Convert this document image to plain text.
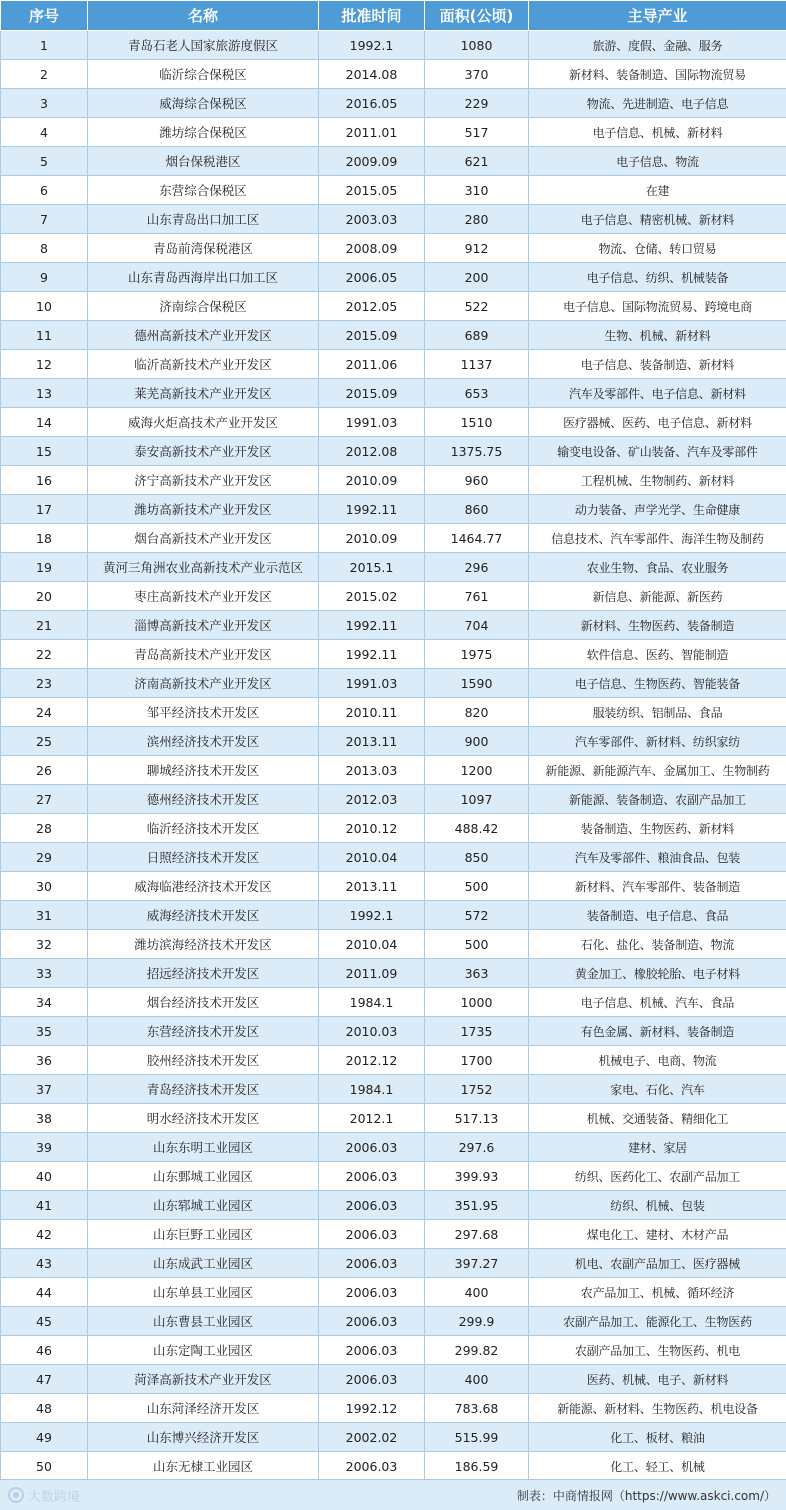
序号	名称	批准时间	面积(公顷)	主导产业
1	青岛石老人国家旅游度假区	1992.1	1080	旅游、度假、金融、服务
2	临沂综合保税区	2014.08	370	新材料、装备制造、国际物流贸易
3	威海综合保税区	2016.05	229	物流、先进制造、电子信息
4	潍坊综合保税区	2011.01	517	电子信息、机械、新材料
5	烟台保税港区	2009.09	621	电子信息、物流
6	东营综合保税区	2015.05	310	在建
7	山东青岛出口加工区	2003.03	280	电子信息、精密机械、新材料
8	青岛前湾保税港区	2008.09	912	物流、仓储、转口贸易
9	山东青岛西海岸出口加工区	2006.05	200	电子信息、纺织、机械装备
10	济南综合保税区	2012.05	522	电子信息、国际物流贸易、跨境电商
11	德州高新技术产业开发区	2015.09	689	生物、机械、新材料
12	临沂高新技术产业开发区	2011.06	1137	电子信息、装备制造、新材料
13	莱芜高新技术产业开发区	2015.09	653	汽车及零部件、电子信息、新材料
14	威海火炬高技术产业开发区	1991.03	1510	医疗器械、医药、电子信息、新材料
15	泰安高新技术产业开发区	2012.08	1375.75	输变电设备、矿山装备、汽车及零部件
16	济宁高新技术产业开发区	2010.09	960	工程机械、生物制药、新材料
17	潍坊高新技术产业开发区	1992.11	860	动力装备、声学光学、生命健康
18	烟台高新技术产业开发区	2010.09	1464.77	信息技术、汽车零部件、海洋生物及制药
19	黄河三角洲农业高新技术产业示范区	2015.1	296	农业生物、食品、农业服务
20	枣庄高新技术产业开发区	2015.02	761	新信息、新能源、新医药
21	淄博高新技术产业开发区	1992.11	704	新材料、生物医药、装备制造
22	青岛高新技术产业开发区	1992.11	1975	软件信息、医药、智能制造
23	济南高新技术产业开发区	1991.03	1590	电子信息、生物医药、智能装备
24	邹平经济技术开发区	2010.11	820	服装纺织、铝制品、食品
25	滨州经济技术开发区	2013.11	900	汽车零部件、新材料、纺织家纺
26	聊城经济技术开发区	2013.03	1200	新能源、新能源汽车、金属加工、生物制药
27	德州经济技术开发区	2012.03	1097	新能源、装备制造、农副产品加工
28	临沂经济技术开发区	2010.12	488.42	装备制造、生物医药、新材料
29	日照经济技术开发区	2010.04	850	汽车及零部件、粮油食品、包装
30	威海临港经济技术开发区	2013.11	500	新材料、汽车零部件、装备制造
31	威海经济技术开发区	1992.1	572	装备制造、电子信息、食品
32	潍坊滨海经济技术开发区	2010.04	500	石化、盐化、装备制造、物流
33	招远经济技术开发区	2011.09	363	黄金加工、橡胶轮胎、电子材料
34	烟台经济技术开发区	1984.1	1000	电子信息、机械、汽车、食品
35	东营经济技术开发区	2010.03	1735	有色金属、新材料、装备制造
36	胶州经济技术开发区	2012.12	1700	机械电子、电商、物流
37	青岛经济技术开发区	1984.1	1752	家电、石化、汽车
38	明水经济技术开发区	2012.1	517.13	机械、交通装备、精细化工
39	山东东明工业园区	2006.03	297.6	建材、家居
40	山东鄄城工业园区	2006.03	399.93	纺织、医药化工、农副产品加工
41	山东郓城工业园区	2006.03	351.95	纺织、机械、包装
42	山东巨野工业园区	2006.03	297.68	煤电化工、建材、木材产品
43	山东成武工业园区	2006.03	397.27	机电、农副产品加工、医疗器械
44	山东单县工业园区	2006.03	400	农产品加工、机械、循环经济
45	山东曹县工业园区	2006.03	299.9	农副产品加工、能源化工、生物医药
46	山东定陶工业园区	2006.03	299.82	农副产品加工、生物医药、机电
47	菏泽高新技术产业开发区	2006.03	400	医药、机械、电子、新材料
48	山东菏泽经济开发区	1992.12	783.68	新能源、新材料、生物医药、机电设备
49	山东博兴经济开发区	2002.02	515.99	化工、板材、粮油
50	山东无棣工业园区	2006.03	186.59	化工、轻工、机械
大数跨境	制表：中商情报网（https://www.askci.com/）
